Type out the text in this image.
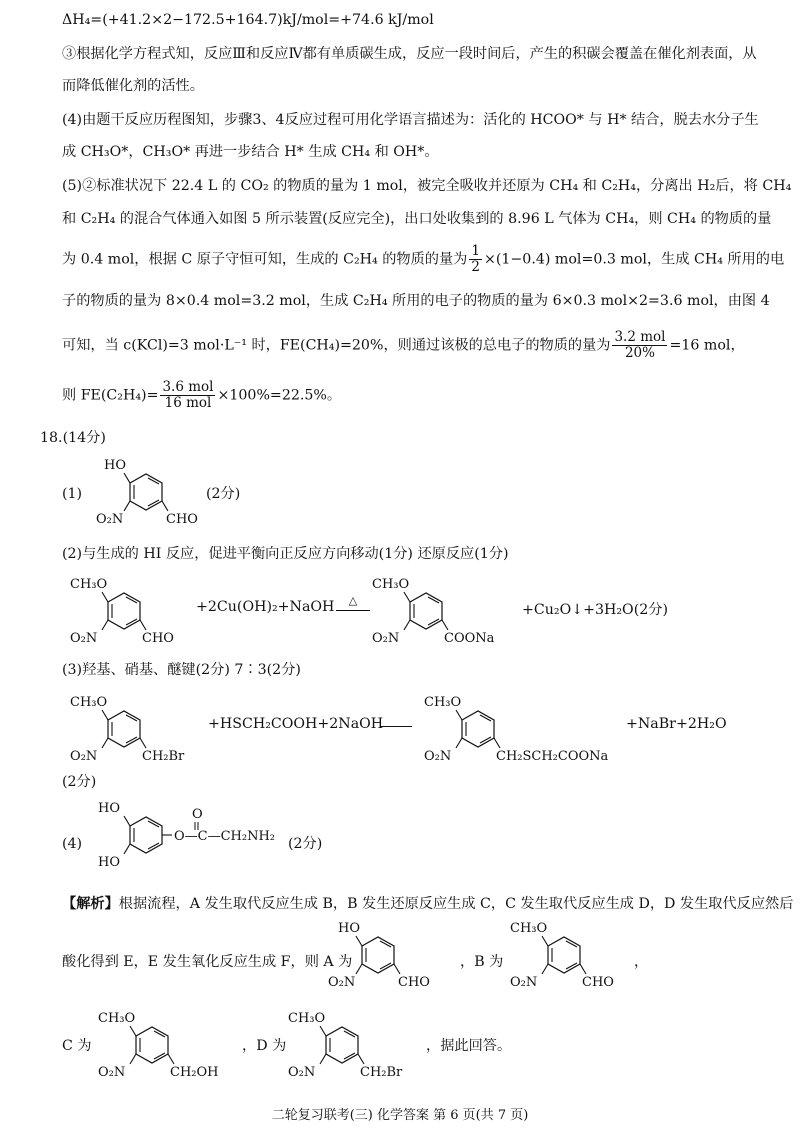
ΔH₄=(+41.2×2−172.5+164.7)kJ/mol=+74.6 kJ/mol
③根据化学方程式知，反应Ⅲ和反应Ⅳ都有单质碳生成，反应一段时间后，产生的积碳会覆盖在催化剂表面，从
而降低催化剂的活性。
(4)由题干反应历程图知，步骤3、4反应过程可用化学语言描述为：活化的 HCOO* 与 H* 结合，脱去水分子生
成 CH₃O*，CH₃O* 再进一步结合 H* 生成 CH₄ 和 OH*。
(5)②标准状况下 22.4 L 的 CO₂ 的物质的量为 1 mol，被完全吸收并还原为 CH₄ 和 C₂H₄，分离出 H₂后，将 CH₄
和 C₂H₄ 的混合气体通入如图 5 所示装置(反应完全)，出口处收集到的 8.96 L 气体为 CH₄，则 CH₄ 的物质的量
为 0.4 mol，根据 C 原子守恒可知，生成的 C₂H₄ 的物质的量为 $\frac{1}{2} \times(1-0.4)$ mol=0.3 mol，生成 CH₄ 所用的电
子的物质的量为 8×0.4 mol=3.2 mol，生成 C₂H₄ 所用的电子的物质的量为 6×0.3 mol×2=3.6 mol，由图 4
可知，当 c(KCl)=3 mol·L⁻¹ 时，FE(CH₄)=20%，则通过该极的总电子的物质的量为 $\frac{\text{3.2 mol}}{20\%} =16$ mol，
则 $FE(C_2H_4)= \frac{\text{3.6 mol}}{\text{16 mol}} \times 100\%=22.5\%$。
18.(14分)
(1)
HO
O₂N	CHO
(2分)
(2)与生成的 HI 反应，促进平衡向正反应方向移动(1分) 还原反应(1分)
CH₃O
O₂N	CHO
+2Cu(OH)₂+NaOH	△
CH₃O
O₂N	COONa
+Cu₂O↓+3H₂O(2分)
(3)羟基、硝基、醚键(2分) 7∶3(2分)
CH₃O
O₂N	CH₂Br
+HSCH₂COOH+2NaOH
CH₃O
O₂N	CH₂SCH₂COONa
+NaBr+2H₂O
(2分)
(4)
HO
HO
O
O—C—CH₂NH₂ (2分)
【解析】根据流程，A 发生取代反应生成 B，B 发生还原反应生成 C，C 发生取代反应生成 D，D 发生取代反应然后
酸化得到 E，E 发生氧化反应生成 F，则 A 为
HO
O₂N	CHO
，B 为
CH₃O
O₂N	CHO
，
C 为
CH₃O
O₂N	CH₂OH
，D 为
CH₃O
O₂N	CH₂Br
，据此回答。
二轮复习联考(三) 化学答案 第 6 页(共 7 页)
